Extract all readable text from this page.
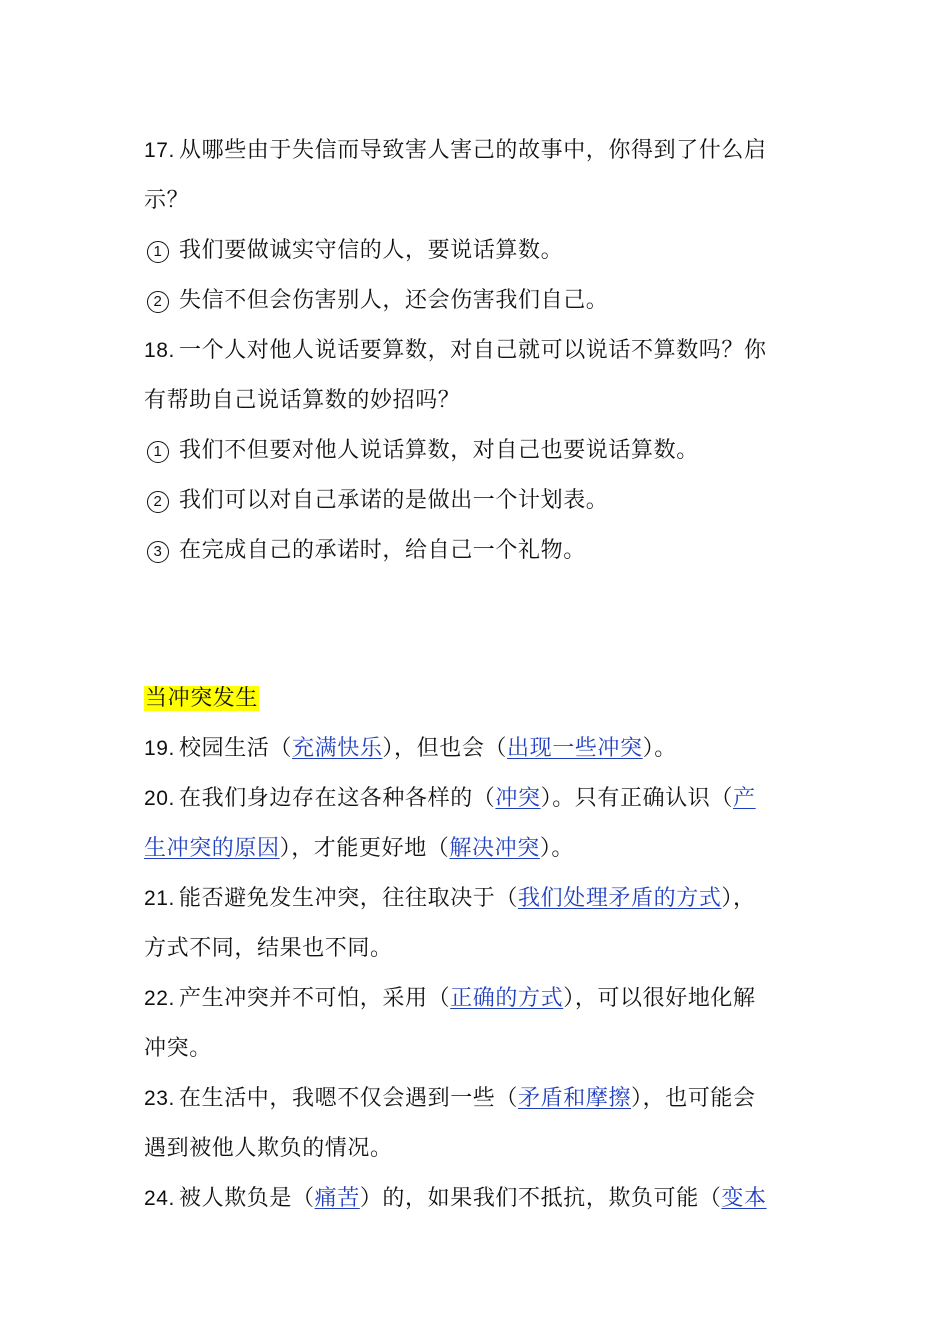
17. 从哪些由于失信而导致害人害己的故事中，你得到了什么启
示？
1 我们要做诚实守信的人，要说话算数。
2 失信不但会伤害别人，还会伤害我们自己。
18. 一个人对他人说话要算数，对自己就可以说话不算数吗？你
有帮助自己说话算数的妙招吗？
1 我们不但要对他人说话算数，对自己也要说话算数。
2 我们可以对自己承诺的是做出一个计划表。
3 在完成自己的承诺时，给自己一个礼物。
当冲突发生
19. 校园生活（充满快乐），但也会（出现一些冲突）。
20. 在我们身边存在这各种各样的（冲突）。只有正确认识（产
生冲突的原因），才能更好地（解决冲突）。
21. 能否避免发生冲突，往往取决于（我们处理矛盾的方式），
方式不同，结果也不同。
22. 产生冲突并不可怕，采用（正确的方式），可以很好地化解
冲突。
23. 在生活中，我嗯不仅会遇到一些（矛盾和摩擦），也可能会
遇到被他人欺负的情况。
24. 被人欺负是（痛苦）的，如果我们不抵抗，欺负可能（变本
